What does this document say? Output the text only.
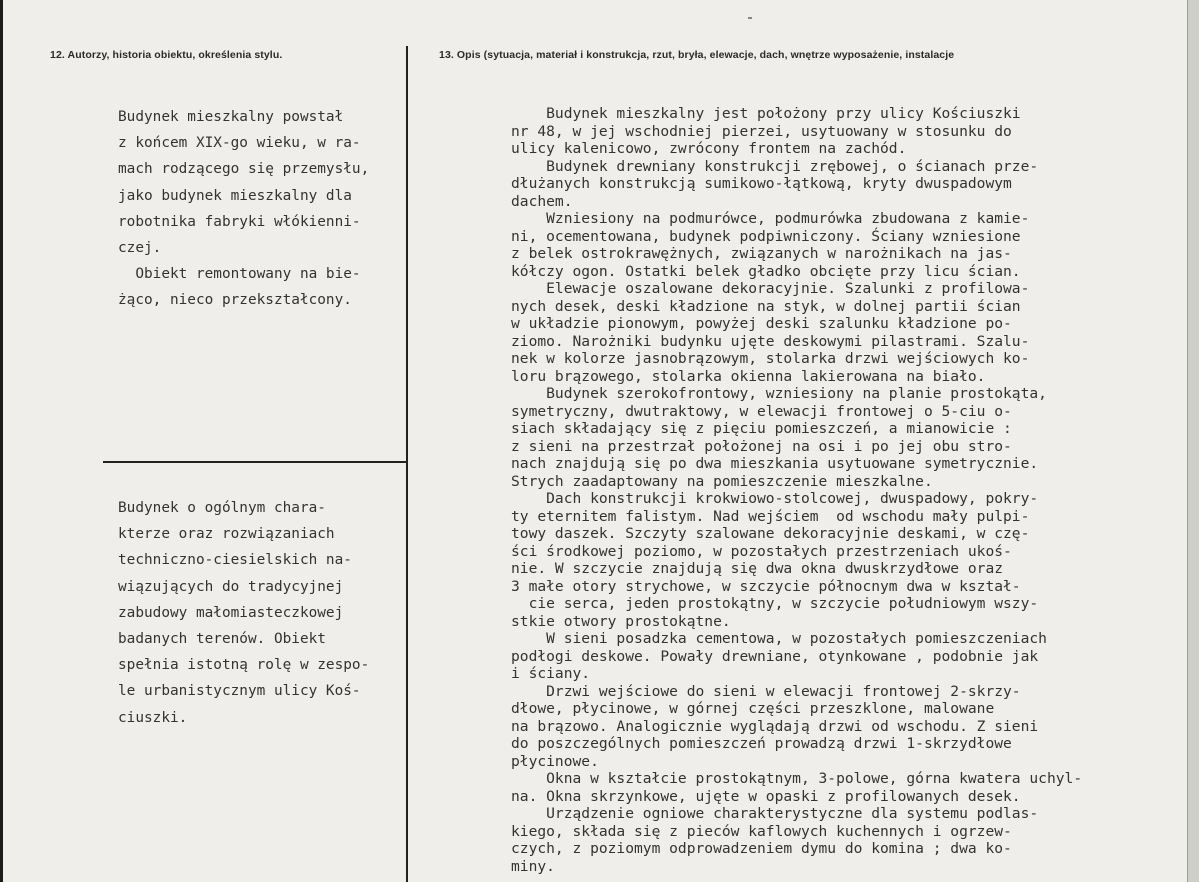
12. Autorzy, historia obiektu, określenia stylu.	13. Opis (sytuacja, materiał i konstrukcja, rzut, bryła, elewacje, dach, wnętrze wyposażenie, instalacje
Budynek mieszkalny powstał
z końcem XIX-go wieku, w ra-
mach rodzącego się przemysłu,
jako budynek mieszkalny dla
robotnika fabryki włókienni-
czej.
Obiekt remontowany na bie-
żąco, nieco przekształcony.
Budynek o ogólnym chara-
kterze oraz rozwiązaniach
techniczno-ciesielskich na-
wiązujących do tradycyjnej
zabudowy małomiasteczkowej
badanych terenów. Obiekt
spełnia istotną rolę w zespo-
le urbanistycznym ulicy Koś-
ciuszki.
Budynek mieszkalny jest położony przy ulicy Kościuszki
nr 48, w jej wschodniej pierzei, usytuowany w stosunku do
ulicy kalenicowo, zwrócony frontem na zachód.
Budynek drewniany konstrukcji zrębowej, o ścianach prze-
dłużanych konstrukcją sumikowo-łątkową, kryty dwuspadowym
dachem.
Wzniesiony na podmurówce, podmurówka zbudowana z kamie-
ni, ocementowana, budynek podpiwniczony. Ściany wzniesione
z belek ostrokrawężnych, związanych w narożnikach na jas-
kółczy ogon. Ostatki belek gładko obcięte przy licu ścian.
Elewacje oszalowane dekoracyjnie. Szalunki z profilowa-
nych desek, deski kładzione na styk, w dolnej partii ścian
w układzie pionowym, powyżej deski szalunku kładzione po-
ziomo. Narożniki budynku ujęte deskowymi pilastrami. Szalu-
nek w kolorze jasnobrązowym, stolarka drzwi wejściowych ko-
loru brązowego, stolarka okienna lakierowana na biało.
Budynek szerokofrontowy, wzniesiony na planie prostokąta,
symetryczny, dwutraktowy, w elewacji frontowej o 5-ciu o-
siach składający się z pięciu pomieszczeń, a mianowicie :
z sieni na przestrzał położonej na osi i po jej obu stro-
nach znajdują się po dwa mieszkania usytuowane symetrycznie.
Strych zaadaptowany na pomieszczenie mieszkalne.
Dach konstrukcji krokwiowo-stolcowej, dwuspadowy, pokry-
ty eternitem falistym. Nad wejściem  od wschodu mały pulpi-
towy daszek. Szczyty szalowane dekoracyjnie deskami, w czę-
ści środkowej poziomo, w pozostałych przestrzeniach ukoś-
nie. W szczycie znajdują się dwa okna dwuskrzydłowe oraz
3 małe otory strychowe, w szczycie północnym dwa w kształ-
cie serca, jeden prostokątny, w szczycie południowym wszy-
stkie otwory prostokątne.
W sieni posadzka cementowa, w pozostałych pomieszczeniach
podłogi deskowe. Powały drewniane, otynkowane , podobnie jak
i ściany.
Drzwi wejściowe do sieni w elewacji frontowej 2-skrzy-
dłowe, płycinowe, w górnej części przeszklone, malowane
na brązowo. Analogicznie wyglądają drzwi od wschodu. Z sieni
do poszczególnych pomieszczeń prowadzą drzwi 1-skrzydłowe
płycinowe.
Okna w kształcie prostokątnym, 3-polowe, górna kwatera uchyl-
na. Okna skrzynkowe, ujęte w opaski z profilowanych desek.
Urządzenie ogniowe charakterystyczne dla systemu podlas-
kiego, składa się z pieców kaflowych kuchennych i ogrzew-
czych, z poziomym odprowadzeniem dymu do komina ; dwa ko-
miny.
